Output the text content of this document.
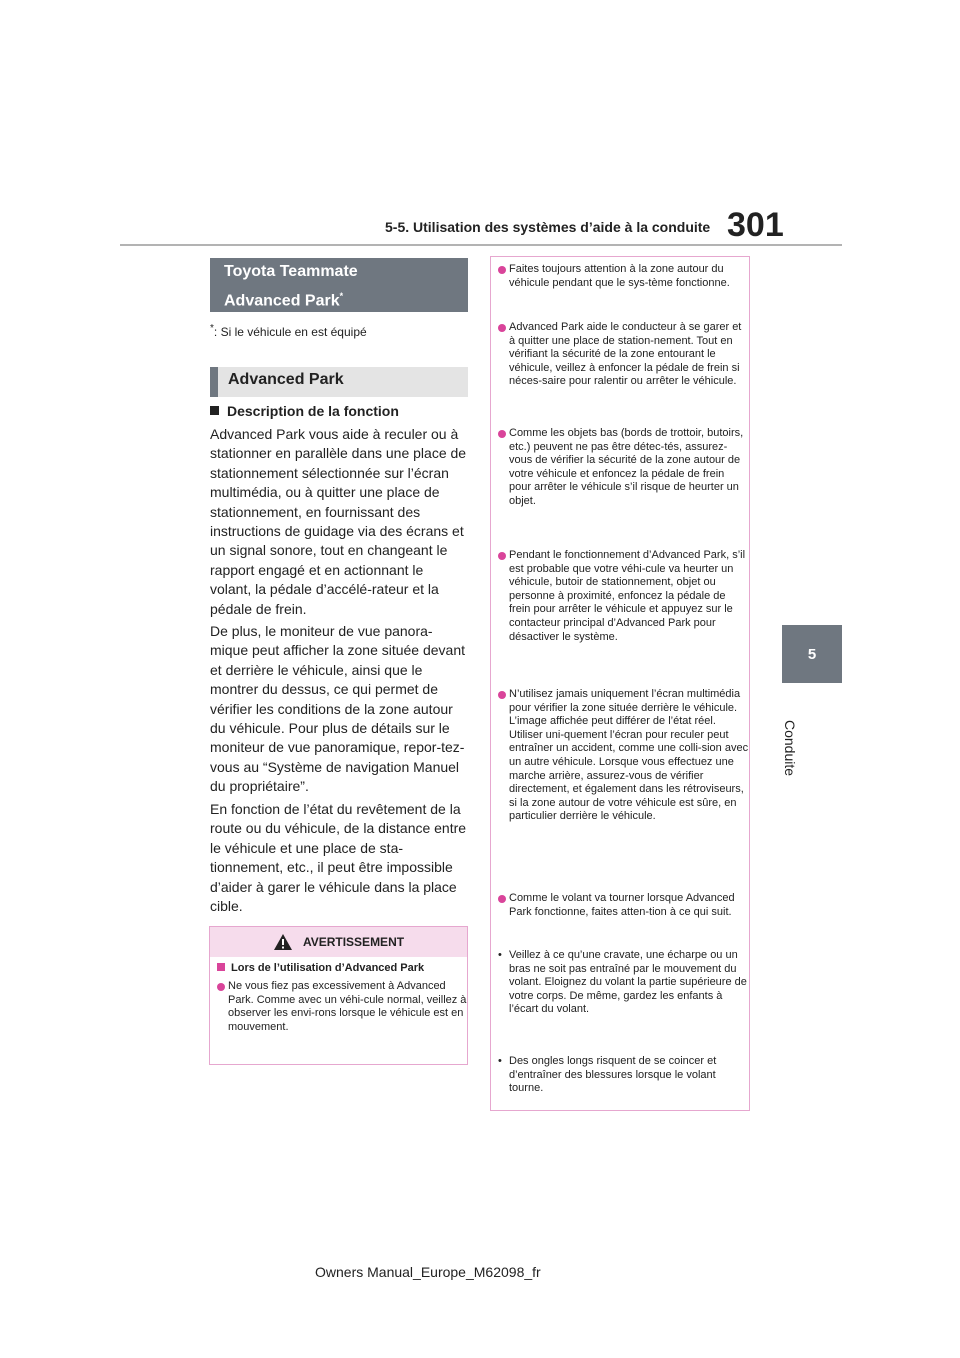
5-5. Utilisation des systèmes d’aide à la conduite 301
5
Conduite
Toyota Teammate
Advanced Park*
*: Si le véhicule en est équipé
Advanced Park
Description de la fonction

Advanced Park vous aide à reculer ou à stationner en parallèle dans une place de stationnement sélectionnée sur l’écran multimédia, ou à quitter une place de stationnement, en fournissant des instructions de guidage via des écrans et un signal sonore, tout en changeant le rapport engagé et en actionnant le volant, la pédale d’accélé-rateur et la pédale de frein.

De plus, le moniteur de vue panora-mique peut afficher la zone située devant et derrière le véhicule, ainsi que le montrer du dessus, ce qui permet de vérifier les conditions de la zone autour du véhicule. Pour plus de détails sur le moniteur de vue panoramique, repor-tez-vous au “Système de navigation Manuel du propriétaire”.

En fonction de l’état du revêtement de la route ou du véhicule, de la distance entre le véhicule et une place de sta-tionnement, etc., il peut être impossible d’aider à garer le véhicule dans la place cible.

AVERTISSEMENT
Lors de l’utilisation d’Advanced Park
Ne vous fiez pas excessivement à Advanced Park. Comme avec un véhi-cule normal, veillez à observer les envi-rons lorsque le véhicule est en mouvement.
Faites toujours attention à la zone autour du véhicule pendant que le sys-tème fonctionne.
Advanced Park aide le conducteur à se garer et à quitter une place de station-nement. Tout en vérifiant la sécurité de la zone entourant le véhicule, veillez à enfoncer la pédale de frein si néces-saire pour ralentir ou arrêter le véhicule.
Comme les objets bas (bords de trottoir, butoirs, etc.) peuvent ne pas être détec-tés, assurez-vous de vérifier la sécurité de la zone autour de votre véhicule et enfoncez la pédale de frein pour arrêter le véhicule s’il risque de heurter un objet.
Pendant le fonctionnement d’Advanced Park, s’il est probable que votre véhi-cule va heurter un véhicule, butoir de stationnement, objet ou personne à proximité, enfoncez la pédale de frein pour arrêter le véhicule et appuyez sur le contacteur principal d’Advanced Park pour désactiver le système.
N’utilisez jamais uniquement l’écran multimédia pour vérifier la zone située derrière le véhicule. L’image affichée peut différer de l’état réel. Utiliser uni-quement l’écran pour reculer peut entraîner un accident, comme une colli-sion avec un autre véhicule. Lorsque vous effectuez une marche arrière, assurez-vous de vérifier directement, et également dans les rétroviseurs, si la zone autour de votre véhicule est sûre, en particulier derrière le véhicule.
Comme le volant va tourner lorsque Advanced Park fonctionne, faites atten-tion à ce qui suit.
• Veillez à ce qu’une cravate, une écharpe ou un bras ne soit pas entraîné par le mouvement du volant. Eloignez du volant la partie supérieure de votre corps. De même, gardez les enfants à l’écart du volant.
• Des ongles longs risquent de se coincer et d’entraîner des blessures lorsque le volant tourne.
Owners Manual_Europe_M62098_fr
